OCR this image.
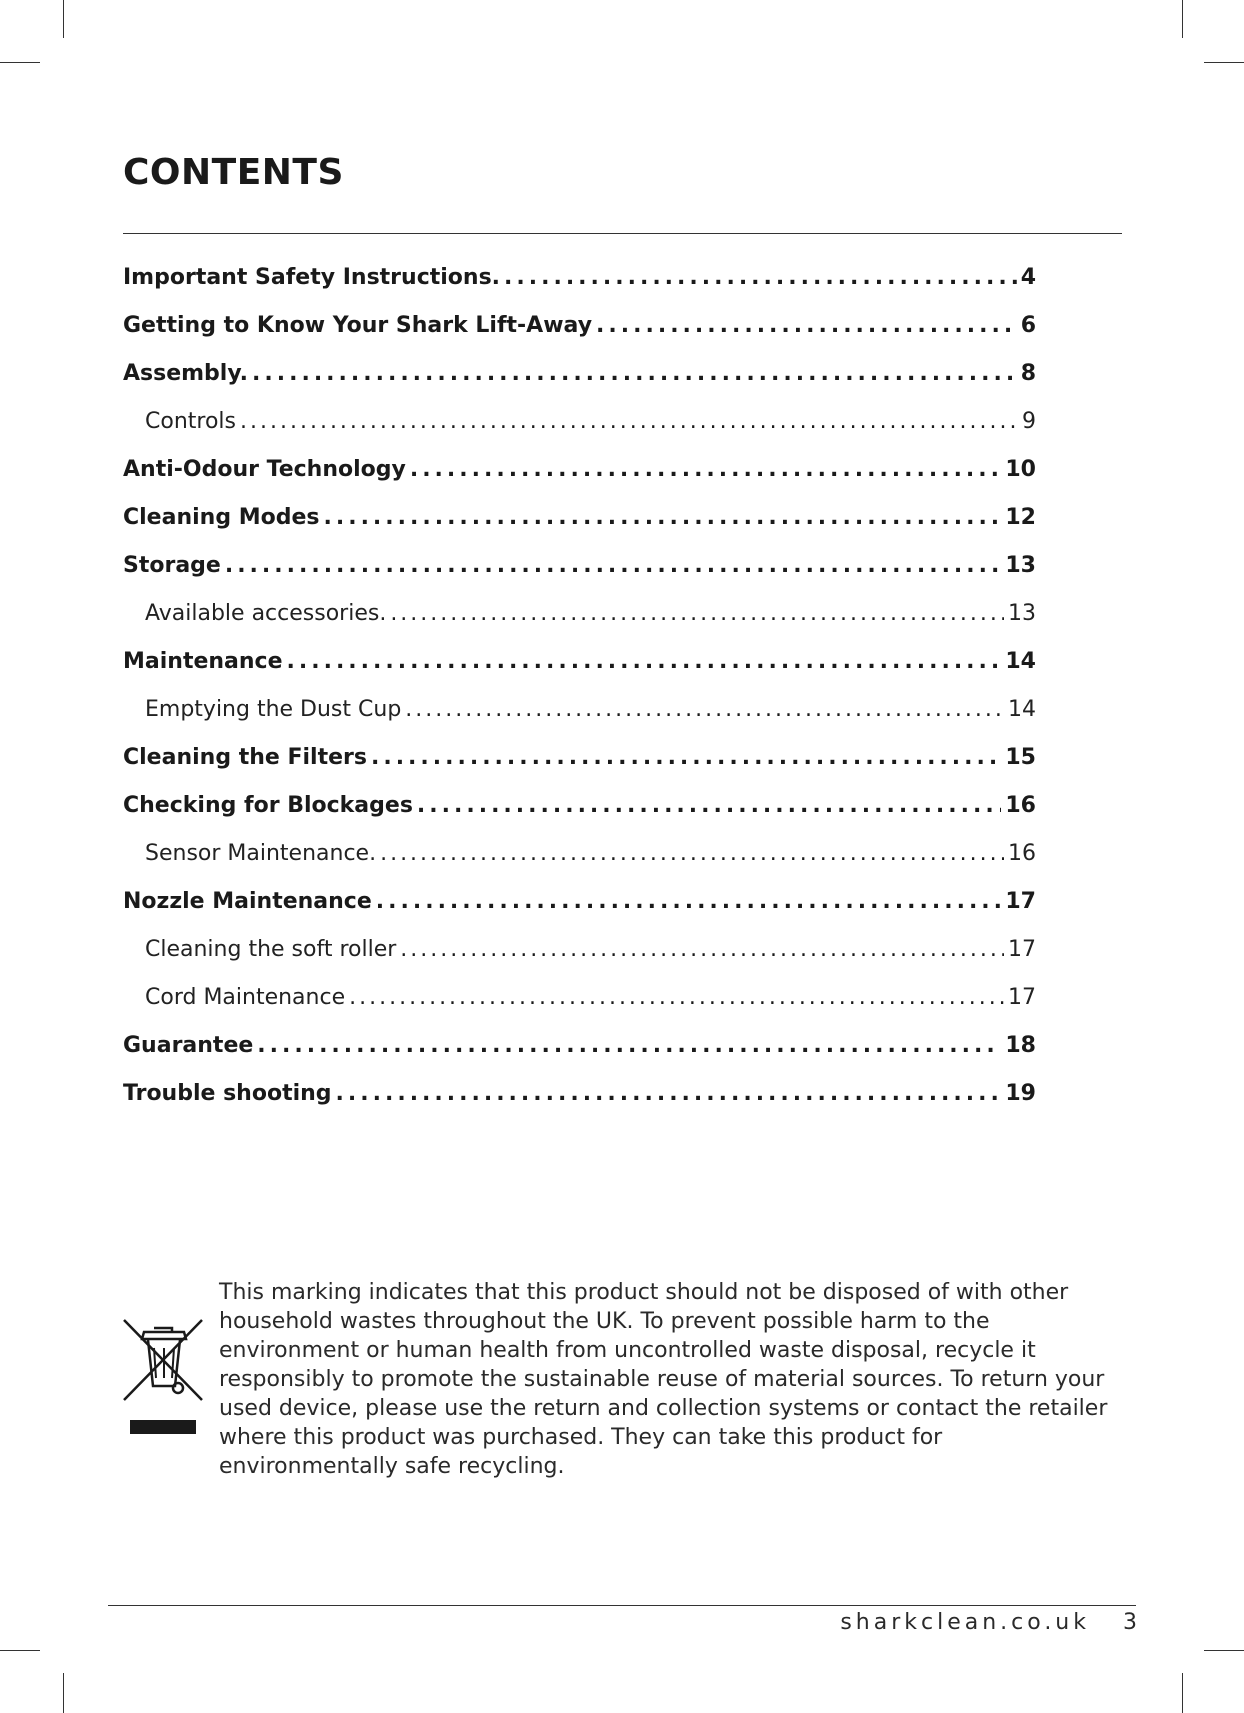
CONTENTS
Important Safety Instructions. .....	4
Getting to Know Your Shark Lift-Away .....	6
Assembly. .....	8
Controls .....	9
Anti-Odour Technology .....	10
Cleaning Modes .....	12
Storage .....	13
Available accessories. .....	13
Maintenance .....	14
Emptying the Dust Cup .....	14
Cleaning the Filters .....	15
Checking for Blockages .....	16
Sensor Maintenance. .....	16
Nozzle Maintenance .....	17
Cleaning the soft roller .....	17
Cord Maintenance .....	17
Guarantee .....	18
Trouble shooting .....	19

This marking indicates that this product should not be disposed of with other household wastes throughout the UK. To prevent possible harm to the environment or human health from uncontrolled waste disposal, recycle it responsibly to promote the sustainable reuse of material sources. To return your used device, please use the return and collection systems or contact the retailer where this product was purchased. They can take this product for environmentally safe recycling.

sharkclean.co.uk 3
